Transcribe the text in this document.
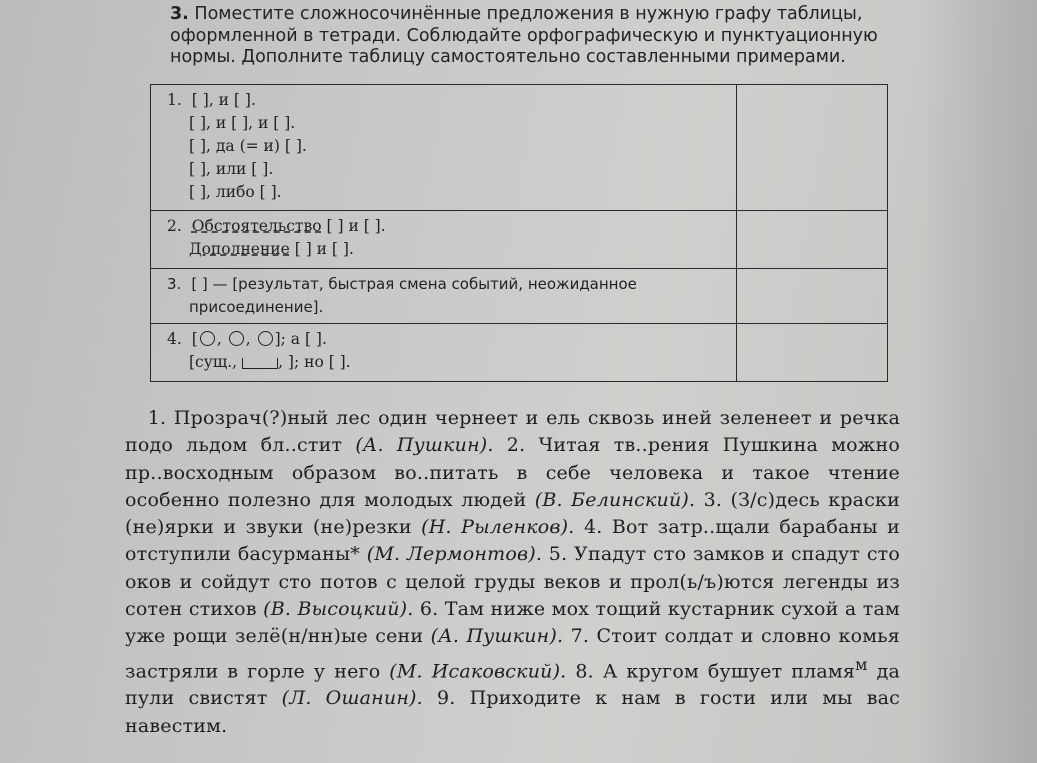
3. Поместите сложносочинённые предложения в нужную графу таблицы, оформленной в тетради. Соблюдайте орфографическую и пунктуационную нормы. Дополните таблицу самостоятельно составленными примерами.
1. [ ], и [ ].
[ ], и [ ], и [ ].
[ ], да (= и) [ ].
[ ], или [ ].
[ ], либо [ ].	

2. Обстоятельство [ ] и [ ].
Дополнение [ ] и [ ].	

3. [ ] — [результат, быстрая смена событий, неожиданное
присоединение].	

4. [ , , ]; а [ ].
[сущ., , ]; но [ ].	

1. Прозрач(?)ный лес один чернеет и ель сквозь иней зеленеет и речка подо льдом бл..стит (А. Пушкин). 2. Читая тв..рения Пушкина можно пр..восходным образом во..питать в себе человека и такое чтение особенно полезно для молодых людей (В. Белинский). 3. (З/с)десь краски (не)ярки и звуки (не)резки (Н. Рыленков). 4. Вот затр..щали барабаны и отступили басурманы* (М. Лермонтов). 5. Упадут сто замков и спадут сто оков и сойдут сто потов с целой груды веков и прол(ь/ъ)ются легенды из сотен стихов (В. Высоцкий). 6. Там ниже мох тощий кустарник сухой а там уже рощи зелё(н/нн)ые сени (А. Пушкин). 7. Стоит солдат и словно комья застряли в горле у него (М. Исаковский). 8. А кругом бушует пламя$^м$ да пули свистят (Л. Ошанин). 9. Приходите к нам в гости или мы вас навестим.
